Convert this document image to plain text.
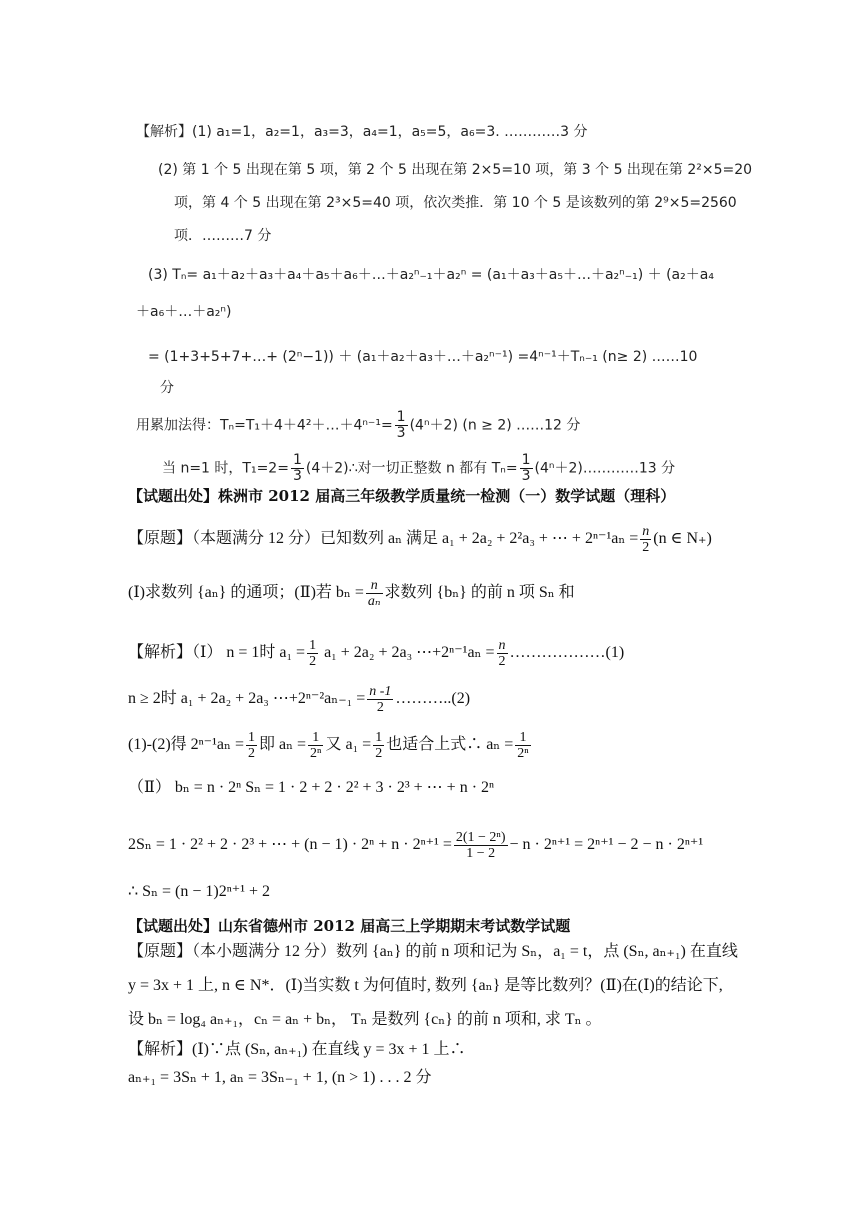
【解析】(1) a₁=1，a₂=1，a₃=3，a₄=1，a₅=5，a₆=3. …………3 分
(2) 第 1 个 5 出现在第 5 项，第 2 个 5 出现在第 2×5=10 项，第 3 个 5 出现在第 2²×5=20
项，第 4 个 5 出现在第 2³×5=40 项，依次类推．第 10 个 5 是该数列的第 2⁹×5=2560
项．………7 分
(3) Tₙ= a₁＋a₂＋a₃＋a₄＋a₅＋a₆＋…＋a₂ⁿ₋₁＋a₂ⁿ = (a₁＋a₃＋a₅＋…＋a₂ⁿ₋₁) ＋ (a₂＋a₄
＋a₆＋…＋a₂ⁿ)
= (1+3+5+7+…+ (2ⁿ−1)) ＋ (a₁＋a₂＋a₃＋…＋a₂ⁿ⁻¹) =4ⁿ⁻¹＋Tₙ₋₁ (n≥ 2) ……10
分
用累加法得：Tₙ=T₁＋4＋4²＋…＋4ⁿ⁻¹= $\frac{1}{3} (4^n+2) (n \ge 2)$ ……12 分
当 n=1 时，$T_1=2= \frac{1}{3}$ (4＋2)∴对一切正整数 n 都有 $T_n= \frac{1}{3}$ (4ⁿ＋2)…………13 分
【试题出处】株洲市 2012 届高三年级教学质量统一检测（一）数学试题（理科）
【原题】（本题满分 12 分）已知数列 aₙ 满足 a₁ + 2a₂ + 2²a₃ + ⋯ + $2^{n-1}a_n = \frac{n}{2} (n$ ∈ N₊)
(Ⅰ)求数列 {aₙ} 的通项；(Ⅱ)若 $b_n = \frac{n}{\text{aₙ}}$ 求数列 {bₙ} 的前 n 项 Sₙ 和
【解析】（Ⅰ） n = 1时 $a_1 = \frac{1}{2} a_1 + 2a_2 + 2a_3$ ⋯+2ⁿ⁻¹aₙ = $\frac{n}{2}$ ………………(1)
n ≥ 2时 a₁ + 2a₂ + 2a₃ ⋯+2ⁿ⁻²aₙ₋₁ = $\frac{n -1}{2}$ ………..(2)
(1)-(2)得 $2^{n-1}a_n = \frac{1}{2}$ 即 $a_n = \frac{1}{\text{2ⁿ}}$ 又 $a_1 = \frac{1}{2}$ 也适合上式∴ $a_n = \frac{1}{\text{2ⁿ}}$
（Ⅱ） bₙ = n · 2ⁿ Sₙ = 1 · 2 + 2 · 2² + 3 · 2³ + ⋯ + n · 2ⁿ
2Sₙ = 1 · 2² + 2 · 2³ + ⋯ + $(n - 1) \cdot 2^n + n \cdot 2^{n+1} = \frac{\text{2(1 − 2ⁿ)}}{1 - 2} - n \cdot 2^{n+1} = 2^{n+1} - 2 - n \cdot 2^{n+1}$
∴ Sₙ = (n − 1)2ⁿ⁺¹ + 2
【试题出处】山东省德州市 2012 届高三上学期期末考试数学试题
【原题】（本小题满分 12 分）数列 {aₙ} 的前 n 项和记为 Sₙ，a₁ = t，点 (Sₙ, aₙ₊₁) 在直线
y = 3x + 1 上, n ∈ N*．(Ⅰ)当实数 t 为何值时, 数列 {aₙ} 是等比数列？(Ⅱ)在(Ⅰ)的结论下,
设 bₙ = log₄ aₙ₊₁，cₙ = aₙ + bₙ， Tₙ 是数列 {cₙ} 的前 n 项和, 求 Tₙ 。
【解析】(Ⅰ)∵点 (Sₙ, aₙ₊₁) 在直线 y = 3x + 1 上∴
aₙ₊₁ = 3Sₙ + 1, aₙ = 3Sₙ₋₁ + 1, (n > 1) . . . 2 分
